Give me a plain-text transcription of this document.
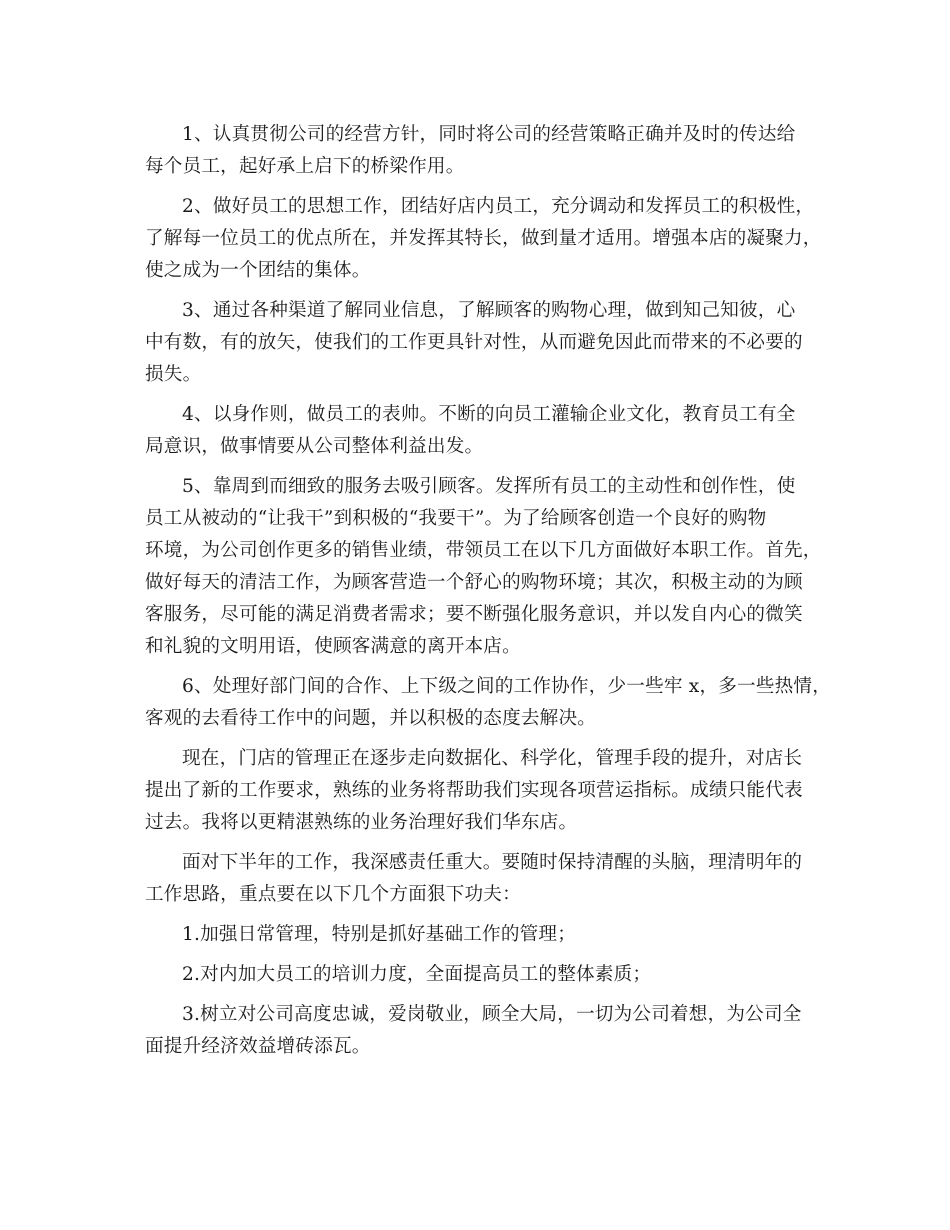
1、认真贯彻公司的经营方针，同时将公司的经营策略正确并及时的传达给
每个员工，起好承上启下的桥梁作用。
2、做好员工的思想工作，团结好店内员工，充分调动和发挥员工的积极性，
了解每一位员工的优点所在，并发挥其特长，做到量才适用。增强本店的凝聚力，
使之成为一个团结的集体。
3、通过各种渠道了解同业信息，了解顾客的购物心理，做到知己知彼，心
中有数，有的放矢，使我们的工作更具针对性，从而避免因此而带来的不必要的
损失。
4、以身作则，做员工的表帅。不断的向员工灌输企业文化，教育员工有全
局意识，做事情要从公司整体利益出发。
5、靠周到而细致的服务去吸引顾客。发挥所有员工的主动性和创作性，使
员工从被动的“让我干”到积极的“我要干”。为了给顾客创造一个良好的购物
环境，为公司创作更多的销售业绩，带领员工在以下几方面做好本职工作。首先，
做好每天的清洁工作，为顾客营造一个舒心的购物环境；其次，积极主动的为顾
客服务，尽可能的满足消费者需求；要不断强化服务意识，并以发自内心的微笑
和礼貌的文明用语，使顾客满意的离开本店。
6、处理好部门间的合作、上下级之间的工作协作，少一些牢 x，多一些热情，
客观的去看待工作中的问题，并以积极的态度去解决。
现在，门店的管理正在逐步走向数据化、科学化，管理手段的提升，对店长
提出了新的工作要求，熟练的业务将帮助我们实现各项营运指标。成绩只能代表
过去。我将以更精湛熟练的业务治理好我们华东店。
面对下半年的工作，我深感责任重大。要随时保持清醒的头脑，理清明年的
工作思路，重点要在以下几个方面狠下功夫：
1.加强日常管理，特别是抓好基础工作的管理；
2.对内加大员工的培训力度，全面提高员工的整体素质；
3.树立对公司高度忠诚，爱岗敬业，顾全大局，一切为公司着想，为公司全
面提升经济效益增砖添瓦。
